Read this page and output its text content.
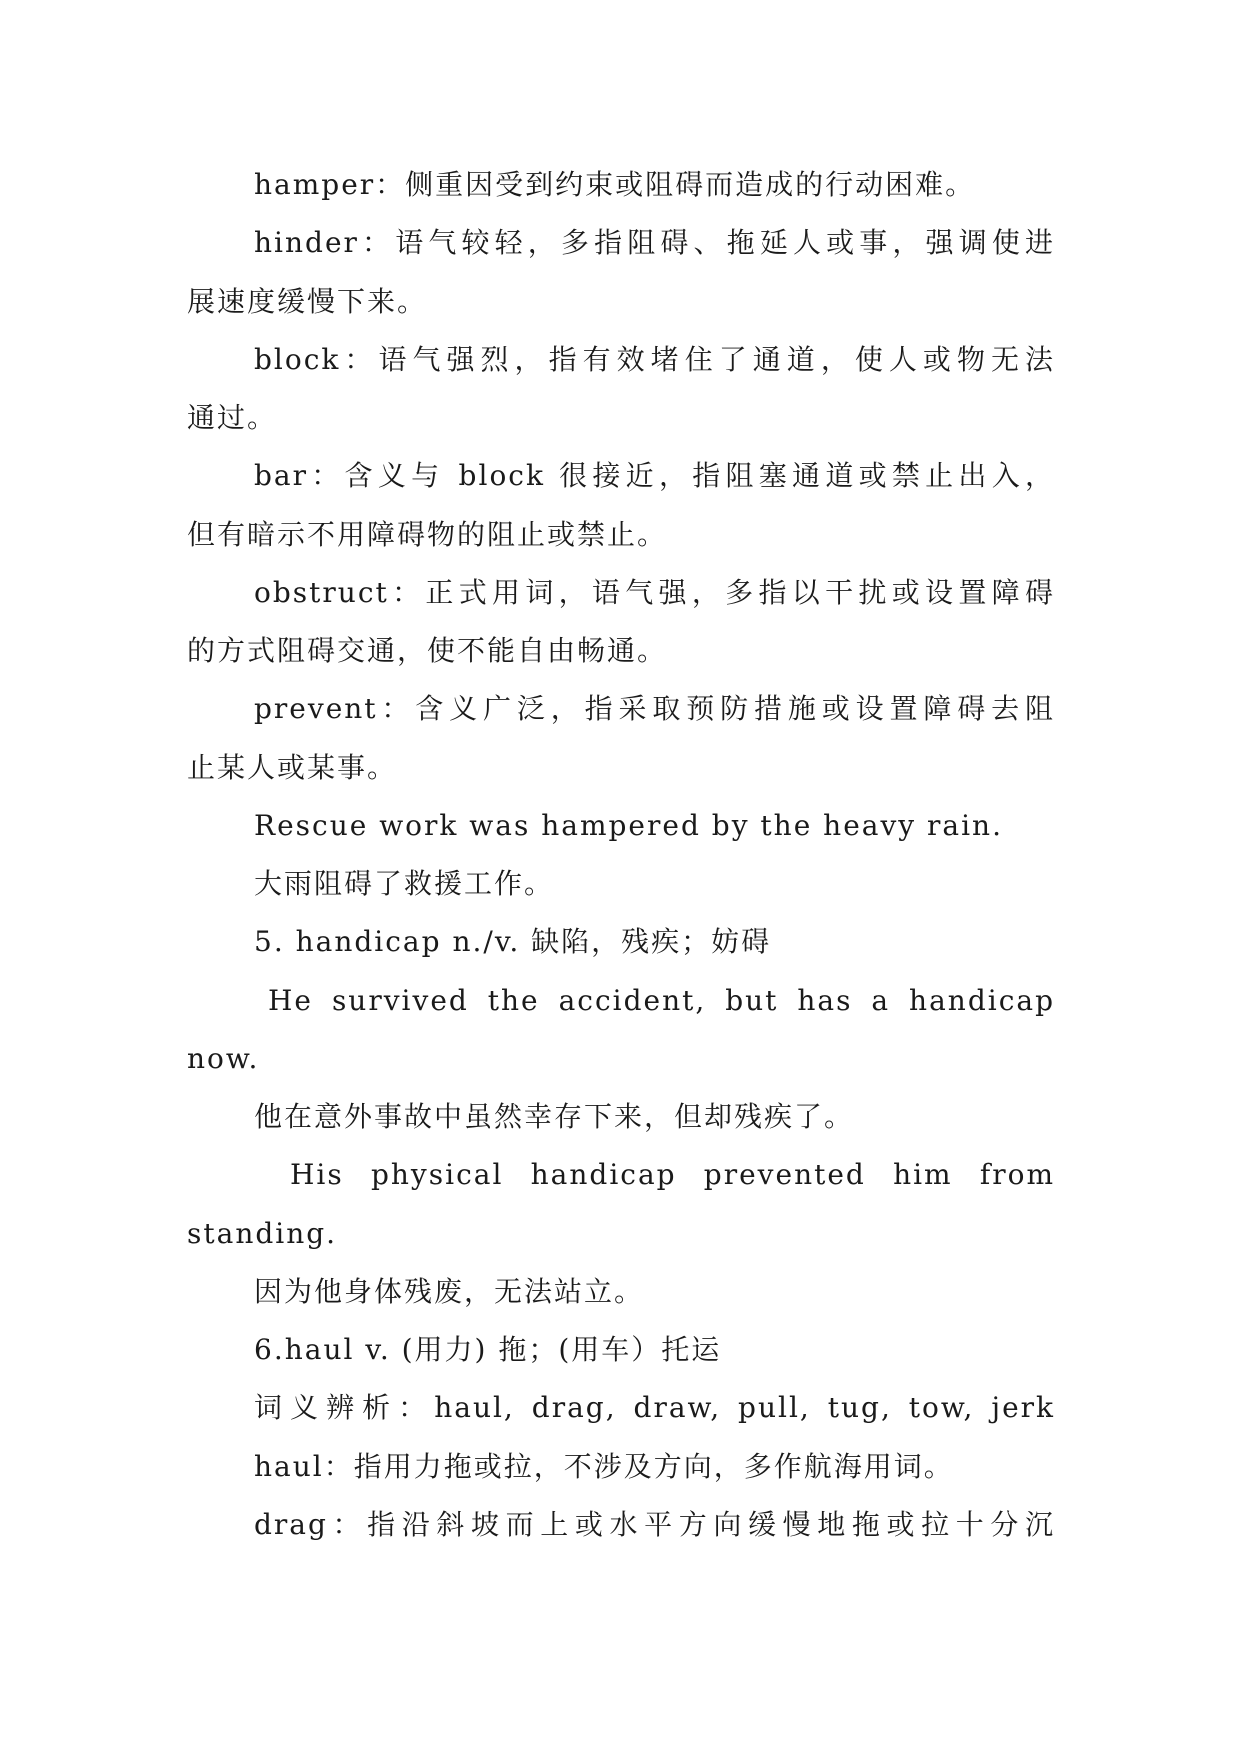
hamper：侧重因受到约束或阻碍而造成的行动困难。
hinder：语气较轻，多指阻碍、拖延人或事，强调使进
展速度缓慢下来。
block：语气强烈，指有效堵住了通道，使人或物无法
通过。
bar：含义与 block 很接近，指阻塞通道或禁止出入，
但有暗示不用障碍物的阻止或禁止。
obstruct：正式用词，语气强，多指以干扰或设置障碍
的方式阻碍交通，使不能自由畅通。
prevent：含义广泛，指采取预防措施或设置障碍去阻
止某人或某事。
Rescue work was hampered by the heavy rain.
大雨阻碍了救援工作。
5. handicap n./v. 缺陷，残疾；妨碍
He survived the accident, but has a handicap
now.
他在意外事故中虽然幸存下来，但却残疾了。
His physical handicap prevented him from
standing.
因为他身体残废，无法站立。
6.haul v. (用力) 拖；(用车）托运
词义辨析：haul, drag, draw, pull, tug, tow, jerk
haul：指用力拖或拉，不涉及方向，多作航海用词。
drag：指沿斜坡而上或水平方向缓慢地拖或拉十分沉
